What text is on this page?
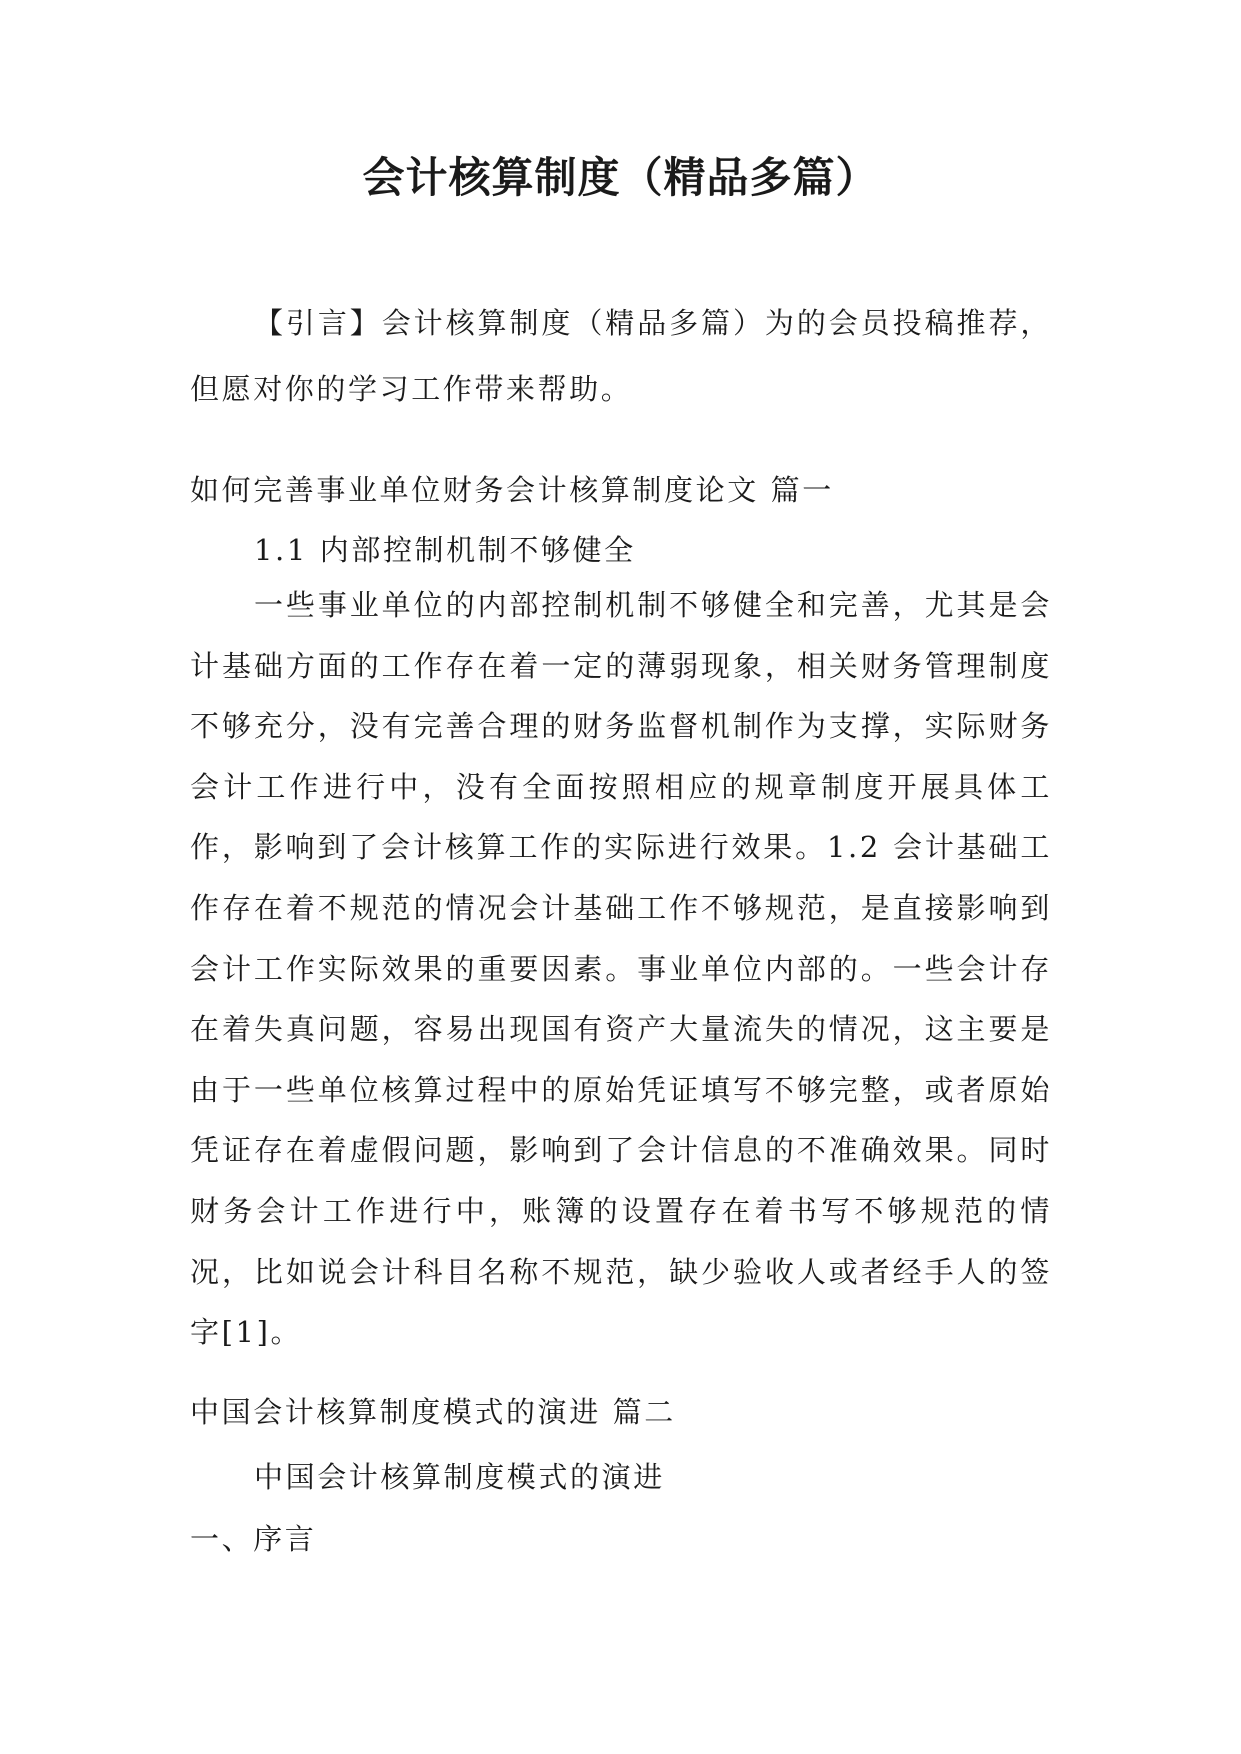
会计核算制度（精品多篇）
【引言】会计核算制度（精品多篇）为的会员投稿推荐，但愿对你的学习工作带来帮助。
如何完善事业单位财务会计核算制度论文 篇一
1.1 内部控制机制不够健全
一些事业单位的内部控制机制不够健全和完善，尤其是会计基础方面的工作存在着一定的薄弱现象，相关财务管理制度不够充分，没有完善合理的财务监督机制作为支撑，实际财务会计工作进行中，没有全面按照相应的规章制度开展具体工作，影响到了会计核算工作的实际进行效果。1.2 会计基础工作存在着不规范的情况会计基础工作不够规范，是直接影响到会计工作实际效果的重要因素。事业单位内部的。一些会计存在着失真问题，容易出现国有资产大量流失的情况，这主要是由于一些单位核算过程中的原始凭证填写不够完整，或者原始凭证存在着虚假问题，影响到了会计信息的不准确效果。同时财务会计工作进行中，账簿的设置存在着书写不够规范的情况，比如说会计科目名称不规范，缺少验收人或者经手人的签字[1]。
中国会计核算制度模式的演进 篇二
中国会计核算制度模式的演进
一、序言
